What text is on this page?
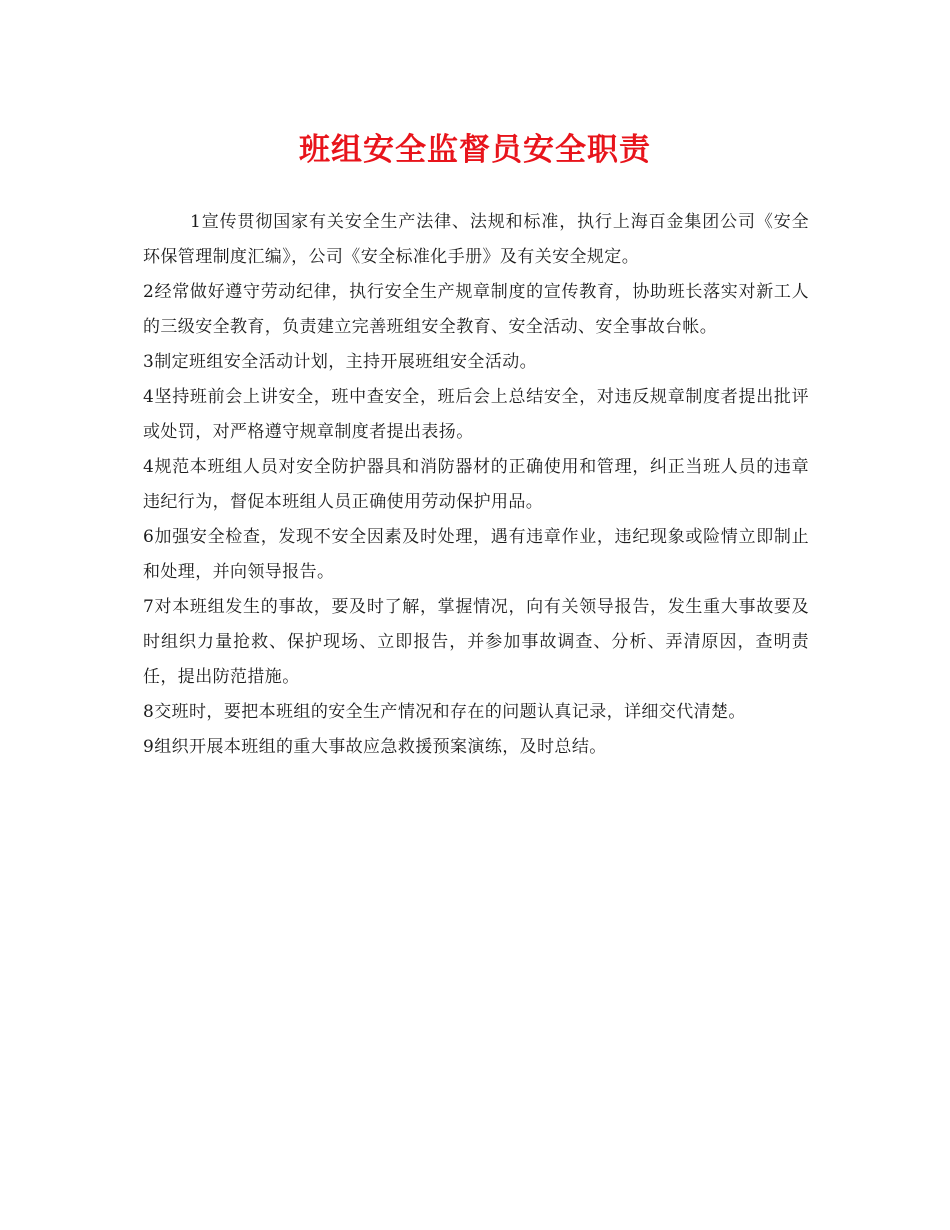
班组安全监督员安全职责

1宣传贯彻国家有关安全生产法律、法规和标准，执行上海百金集团公司《安全环保管理制度汇编》，公司《安全标准化手册》及有关安全规定。

2经常做好遵守劳动纪律，执行安全生产规章制度的宣传教育，协助班长落实对新工人的三级安全教育，负责建立完善班组安全教育、安全活动、安全事故台帐。

3制定班组安全活动计划，主持开展班组安全活动。

4坚持班前会上讲安全，班中查安全，班后会上总结安全，对违反规章制度者提出批评或处罚，对严格遵守规章制度者提出表扬。

4规范本班组人员对安全防护器具和消防器材的正确使用和管理，纠正当班人员的违章违纪行为，督促本班组人员正确使用劳动保护用品。

6加强安全检查，发现不安全因素及时处理，遇有违章作业，违纪现象或险情立即制止和处理，并向领导报告。

7对本班组发生的事故，要及时了解，掌握情况，向有关领导报告，发生重大事故要及时组织力量抢救、保护现场、立即报告，并参加事故调查、分析、弄清原因，查明责任，提出防范措施。

8交班时，要把本班组的安全生产情况和存在的问题认真记录，详细交代清楚。

9组织开展本班组的重大事故应急救援预案演练，及时总结。
